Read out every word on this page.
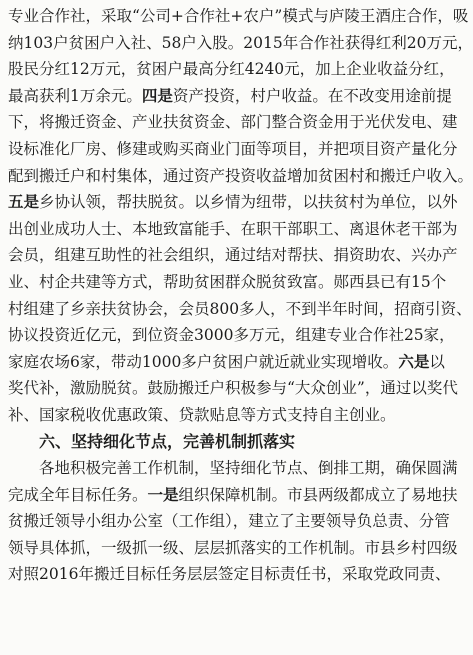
专业合作社，采取“公司+合作社+农户”模式与庐陵王酒庄合作，吸
纳103户贫困户入社、58户入股。2015年合作社获得红利20万元，
股民分红12万元，贫困户最高分红4240元，加上企业收益分红，
最高获利1万余元。四是资产投资，村户收益。在不改变用途前提
下，将搬迁资金、产业扶贫资金、部门整合资金用于光伏发电、建
设标准化厂房、修建或购买商业门面等项目，并把项目资产量化分
配到搬迁户和村集体，通过资产投资收益增加贫困村和搬迁户收入。
五是乡协认领，帮扶脱贫。以乡情为纽带，以扶贫村为单位，以外
出创业成功人士、本地致富能手、在职干部职工、离退休老干部为
会员，组建互助性的社会组织，通过结对帮扶、捐资助农、兴办产
业、村企共建等方式，帮助贫困群众脱贫致富。郧西县已有15个
村组建了乡亲扶贫协会，会员800多人，不到半年时间，招商引资、
协议投资近亿元，到位资金3000多万元，组建专业合作社25家，
家庭农场6家，带动1000多户贫困户就近就业实现增收。六是以
奖代补，激励脱贫。鼓励搬迁户积极参与“大众创业”，通过以奖代
补、国家税收优惠政策、贷款贴息等方式支持自主创业。
六、坚持细化节点，完善机制抓落实
各地积极完善工作机制，坚持细化节点、倒排工期，确保圆满
完成全年目标任务。一是组织保障机制。市县两级都成立了易地扶
贫搬迁领导小组办公室（工作组），建立了主要领导负总责、分管
领导具体抓，一级抓一级、层层抓落实的工作机制。市县乡村四级
对照2016年搬迁目标任务层层签定目标责任书，采取党政同责、
